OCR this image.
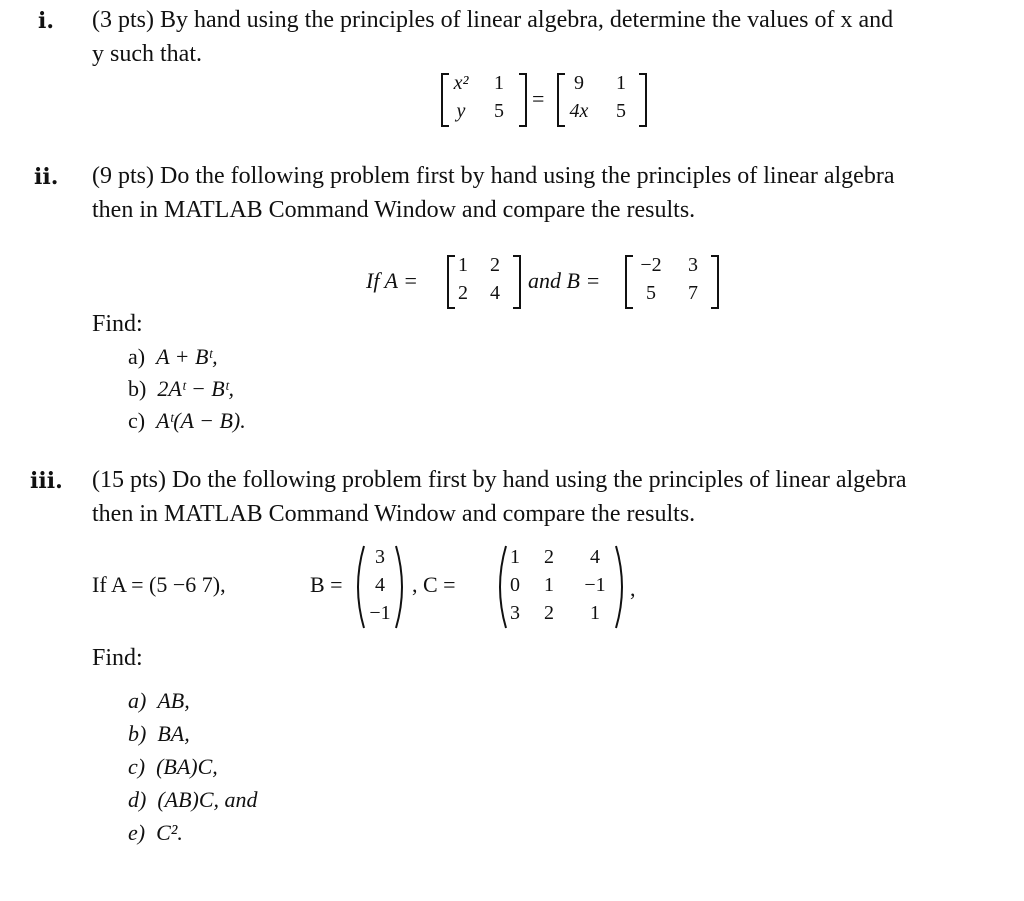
i. (3 pts) By hand using the principles of linear algebra, determine the values of x and
y such that.
x²	1
y	5	=
9	1
4x	5
ii. (9 pts) Do the following problem first by hand using the principles of linear algebra
then in MATLAB Command Window and compare the results.
If A =
1	2
2	4	and B =
−2	3
5	7
Find:
a) A + Bᵗ,
b) 2Aᵗ − Bᵗ,
c) Aᵗ(A − B).
iii. (15 pts) Do the following problem first by hand using the principles of linear algebra
then in MATLAB Command Window and compare the results.
If A = (5 −6 7),	B =
3
4
−1
, C =
1	2	4
0	1	−1
3	2	1
,
Find:
a) AB,
b) BA,
c) (BA)C,
d) (AB)C, and
e) C².
